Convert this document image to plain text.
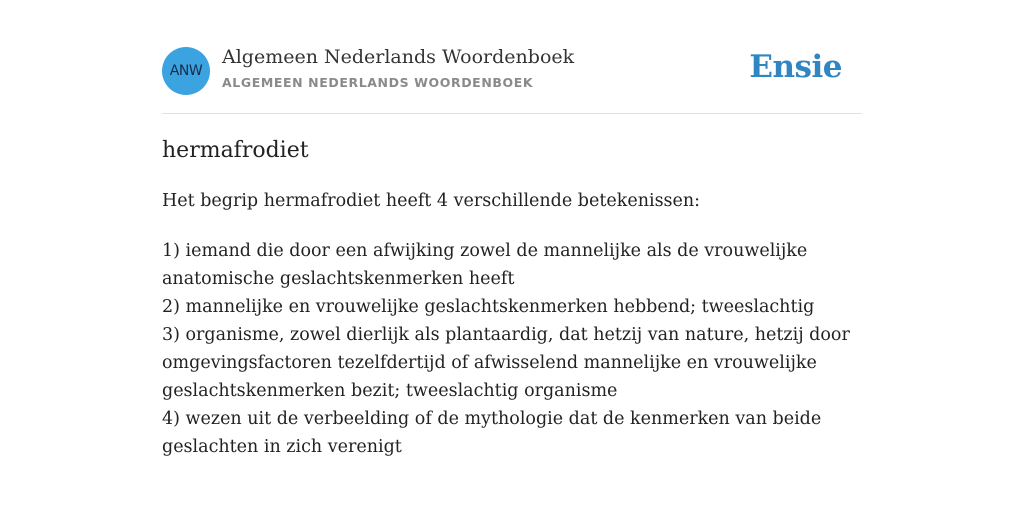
ANW
Algemeen Nederlands Woordenboek
ALGEMEEN NEDERLANDS WOORDENBOEK	Ensie
hermafrodiet

Het begrip hermafrodiet heeft 4 verschillende betekenissen:

1) iemand die door een afwijking zowel de mannelijke als de vrouwelijke anatomische geslachtskenmerken heeft
2) mannelijke en vrouwelijke geslachtskenmerken hebbend; tweeslachtig
3) organisme, zowel dierlijk als plantaardig, dat hetzij van nature, hetzij door omgevingsfactoren tezelfdertijd of afwisselend mannelijke en vrouwelijke geslachtskenmerken bezit; tweeslachtig organisme
4) wezen uit de verbeelding of de mythologie dat de kenmerken van beide geslachten in zich verenigt
